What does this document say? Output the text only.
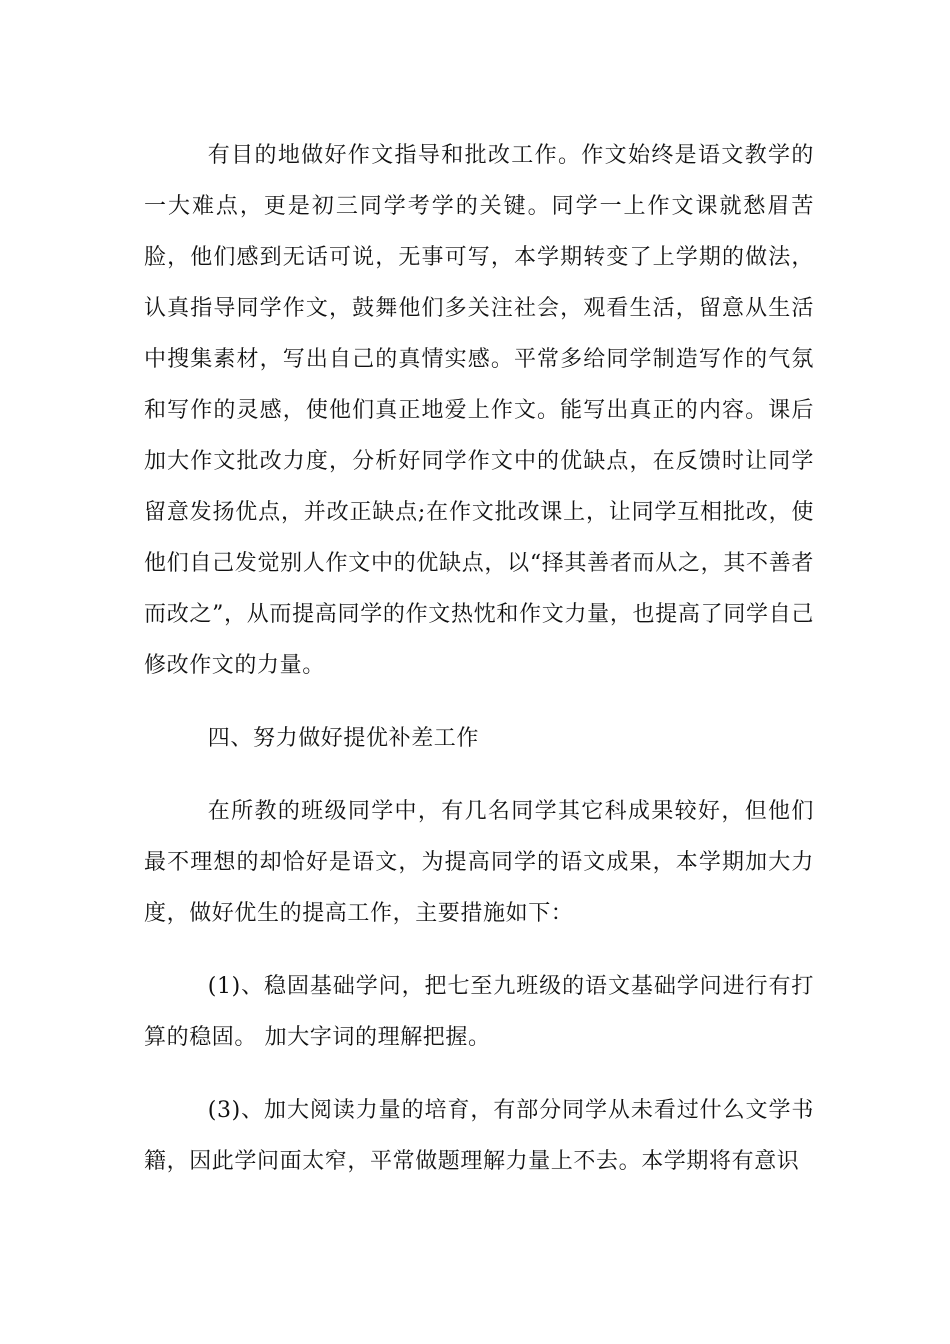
有目的地做好作文指导和批改工作。作文始终是语文教学的一大难点，更是初三同学考学的关键。同学一上作文课就愁眉苦脸，他们感到无话可说，无事可写，本学期转变了上学期的做法，认真指导同学作文，鼓舞他们多关注社会，观看生活，留意从生活中搜集素材，写出自己的真情实感。平常多给同学制造写作的气氛和写作的灵感，使他们真正地爱上作文。能写出真正的内容。课后加大作文批改力度，分析好同学作文中的优缺点，在反馈时让同学留意发扬优点，并改正缺点;在作文批改课上，让同学互相批改，使他们自己发觉别人作文中的优缺点，以“择其善者而从之，其不善者而改之”，从而提高同学的作文热忱和作文力量，也提高了同学自己修改作文的力量。

四、努力做好提优补差工作

在所教的班级同学中，有几名同学其它科成果较好，但他们最不理想的却恰好是语文，为提高同学的语文成果，本学期加大力度，做好优生的提高工作，主要措施如下：

(1)、稳固基础学问，把七至九班级的语文基础学问进行有打算的稳固。 加大字词的理解把握。

(3)、加大阅读力量的培育，有部分同学从未看过什么文学书籍，因此学问面太窄，平常做题理解力量上不去。本学期将有意识
